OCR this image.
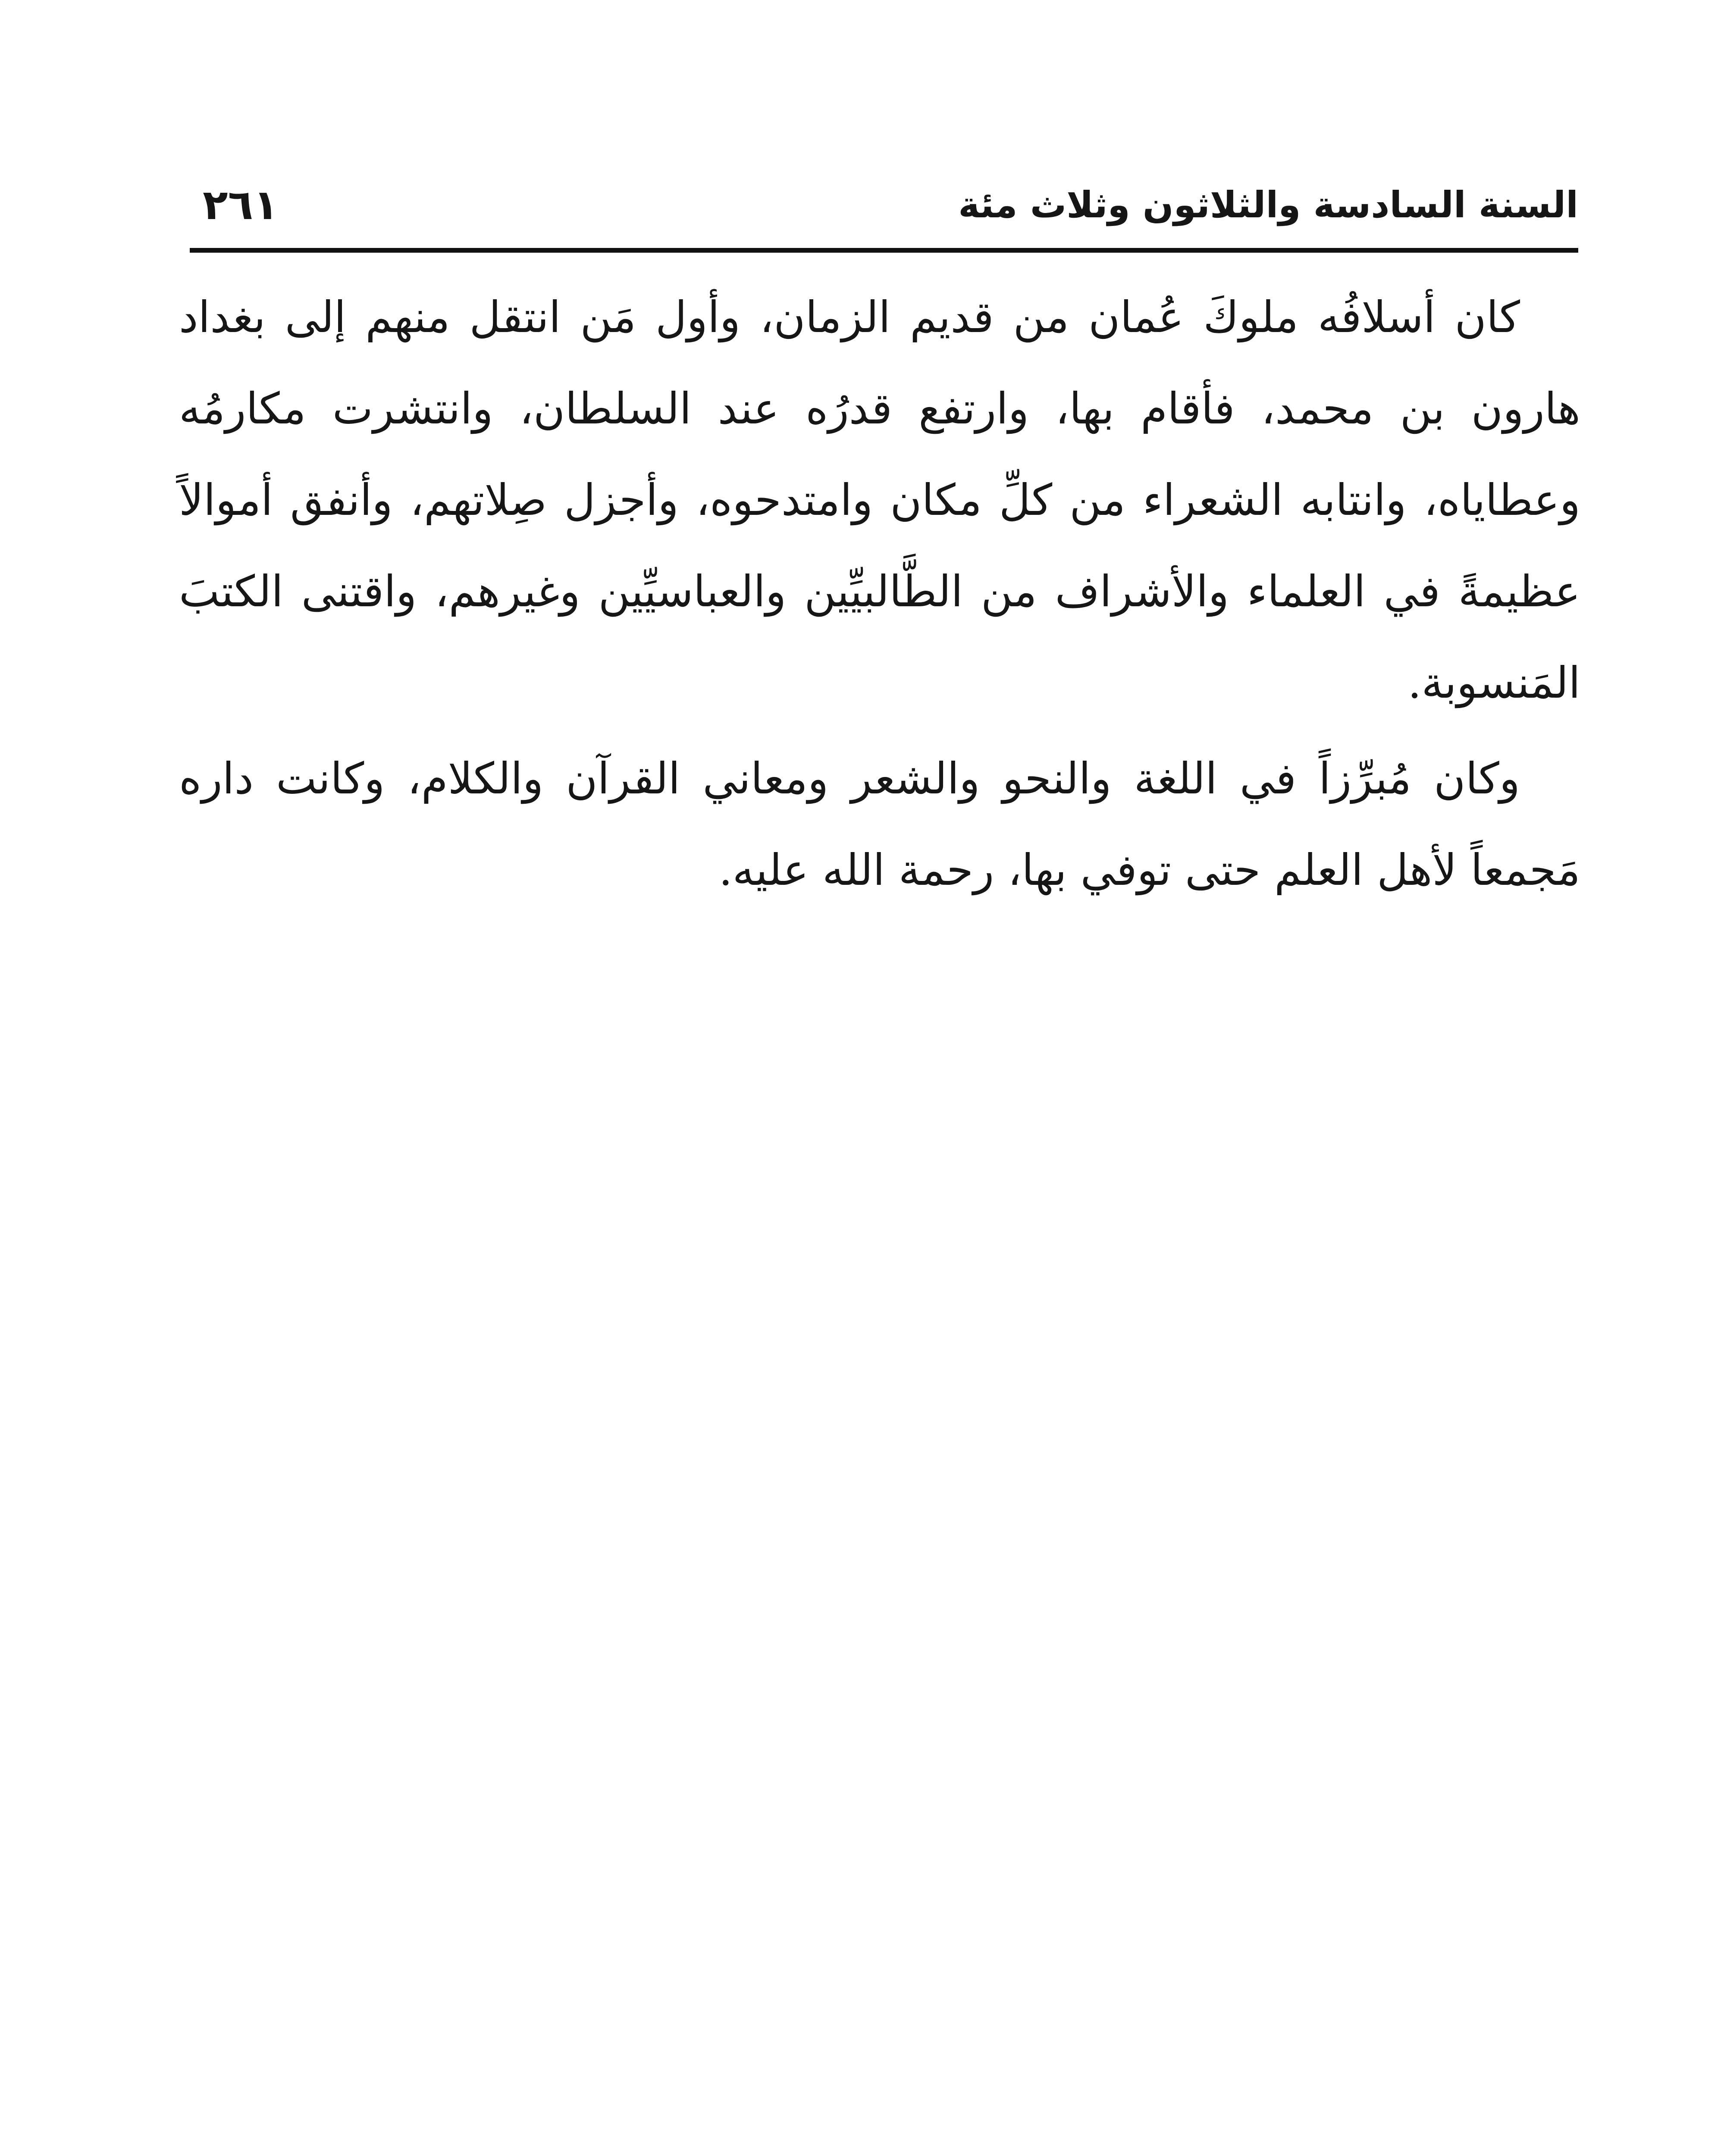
٢٦١	السنة السادسة والثلاثون وثلاث مئة

كان أسلافُه ملوكَ عُمان من قديم الزمان، وأول مَن انتقل منهم إلى بغداد هارون بن محمد، فأقام بها، وارتفع قدرُه عند السلطان، وانتشرت مكارمُه وعطاياه، وانتابه الشعراء من كلِّ مكان وامتدحوه، وأجزل صِلاتهم، وأنفق أموالاً عظيمةً في العلماء والأشراف من الطَّالبيِّين والعباسيِّين وغيرهم، واقتنى الكتبَ المَنسوبة.

وكان مُبرِّزاً في اللغة والنحو والشعر ومعاني القرآن والكلام، وكانت داره مَجمعاً لأهل العلم حتى توفي بها، رحمة الله عليه.
